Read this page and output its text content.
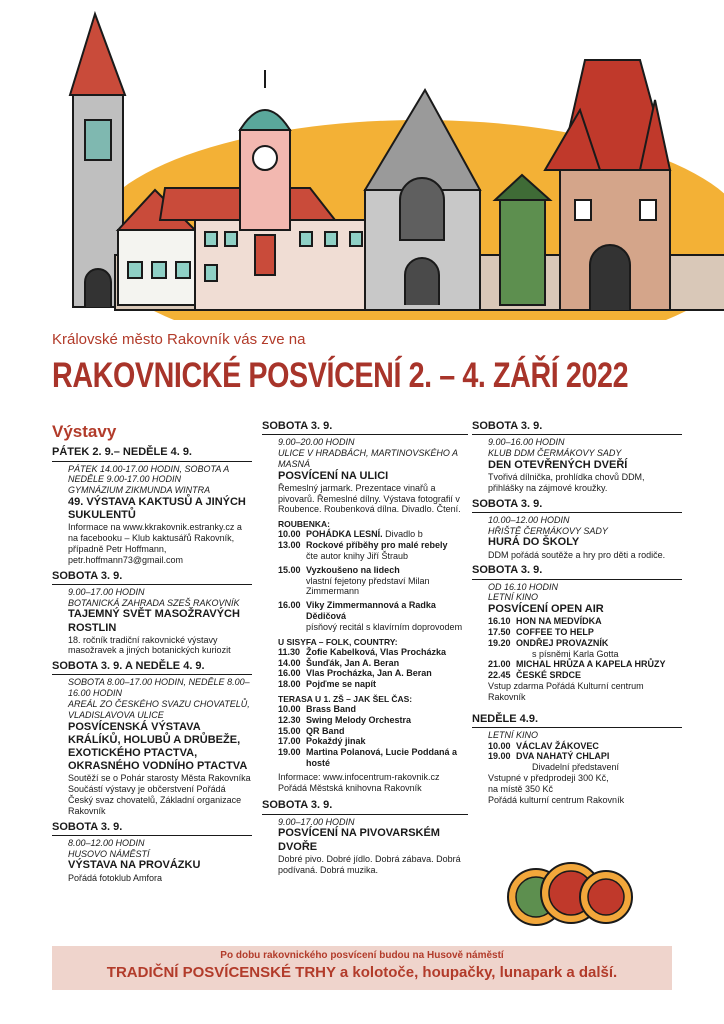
Královské město Rakovník vás zve na
RAKOVNICKÉ POSVÍCENÍ 2. – 4. ZÁŘÍ 2022
Výstavy
PÁTEK 2. 9.– NEDĚLE 4. 9.
PÁTEK 14.00-17.00 HODIN, SOBOTA A NEDĚLE 9.00-17.00 HODIN
GYMNÁZIUM ZIKMUNDA WINTRA
49. VÝSTAVA KAKTUSŮ A JINÝCH SUKULENTŮ
Informace na www.kkrakovnik.estranky.cz a na facebooku – Klub kaktusářů Rakovník, případně Petr Hoffmann, petr.hoffmann73@gmail.com
SOBOTA 3. 9.
9.00–17.00 HODIN
BOTANICKÁ ZAHRADA SZEŠ RAKOVNÍK
TAJEMNÝ SVĚT MASOŽRAVÝCH ROSTLIN
18. ročník tradiční rakovnické výstavy masožravek a jiných botanických kuriozit
SOBOTA 3. 9. A NEDĚLE 4. 9.
SOBOTA 8.00–17.00 HODIN, NEDĚLE 8.00–16.00 HODIN
AREÁL ZO ČESKÉHO SVAZU CHOVATELŮ, VLADISLAVOVA ULICE
POSVÍCENSKÁ VÝSTAVA KRÁLÍKŮ, HOLUBŮ A DRŮBEŽE, EXOTICKÉHO PTACTVA, OKRASNÉHO VODNÍHO PTACTVA
Soutěží se o Pohár starosty Města Rakovníka Součástí výstavy je občerstvení Pořádá Český svaz chovatelů, Základní organizace Rakovník
SOBOTA 3. 9.
8.00–12.00 HODIN
HUSOVO NÁMĚSTÍ
VÝSTAVA NA PROVÁZKU
Pořádá fotoklub Amfora
SOBOTA 3. 9.
9.00–20.00 HODIN
ULICE V HRADBÁCH, MARTINOVSKÉHO A MASNÁ
POSVÍCENÍ NA ULICI
Řemeslný jarmark. Prezentace vinařů a pivovarů. Řemeslné dílny. Výstava fotografií v Roubence. Roubenková dílna. Divadlo. Čtení.
ROUBENKA:
10.00 POHÁDKA LESNÍ. Divadlo b
13.00 Rockové příběhy pro malé rebely
čte autor knihy Jiří Štraub
15.00 Vyzkoušeno na lidech
vlastní fejetony představí Milan Zimmermann
16.00 Viky Zimmermannová a Radka Dědičová
písňový recitál s klavírním doprovodem
U SISYFA – FOLK, COUNTRY:
11.30 Žofie Kabelková, Vlas Procházka
14.00 Šunďák, Jan A. Beran
16.00 Vlas Procházka, Jan A. Beran
18.00 Pojďme se napít
TERASA U 1. ZŠ – JAK ŠEL ČAS:
10.00 Brass Band
12.30 Swing Melody Orchestra
15.00 QR Band
17.00 Pokaždý jinak
19.00 Martina Polanová, Lucie Poddaná a hosté
Informace: www.infocentrum-rakovnik.cz Pořádá Městská knihovna Rakovník
SOBOTA 3. 9.
9.00–17.00 HODIN
POSVÍCENÍ NA PIVOVARSKÉM DVOŘE
Dobré pivo. Dobré jídlo. Dobrá zábava. Dobrá podívaná. Dobrá muzika.
SOBOTA 3. 9.
9.00–16.00 HODIN
KLUB DDM ČERMÁKOVY SADY
DEN OTEVŘENÝCH DVEŘÍ
Tvořivá dílnička, prohlídka chovů DDM, přihlášky na zájmové kroužky.
SOBOTA 3. 9.
10.00–12.00 HODIN
HŘIŠTĚ ČERMÁKOVY SADY
HURÁ DO ŠKOLY
DDM pořádá soutěže a hry pro děti a rodiče.
SOBOTA 3. 9.
OD 16.10 HODIN
LETNÍ KINO
POSVÍCENÍ OPEN AIR
16.10 HON NA MEDVÍDKA
17.50 COFFEE TO HELP
19.20 ONDŘEJ PROVAZNÍK
s písněmi Karla Gotta
21.00 MICHAL HRŮZA A KAPELA HRŮZY
22.45 ČESKÉ SRDCE
Vstup zdarma Pořádá Kulturní centrum Rakovník
NEDĚLE 4.9.
LETNÍ KINO
10.00 VÁCLAV ŽÁKOVEC
19.00 DVA NAHATÝ CHLAPI
Divadelní představení
Vstupné v předprodeji 300 Kč,
na místě 350 Kč
Pořádá kulturní centrum Rakovník
Po dobu rakovnického posvícení budou na Husově náměstí
TRADIČNÍ POSVÍCENSKÉ TRHY a kolotoče, houpačky, lunapark a další.
